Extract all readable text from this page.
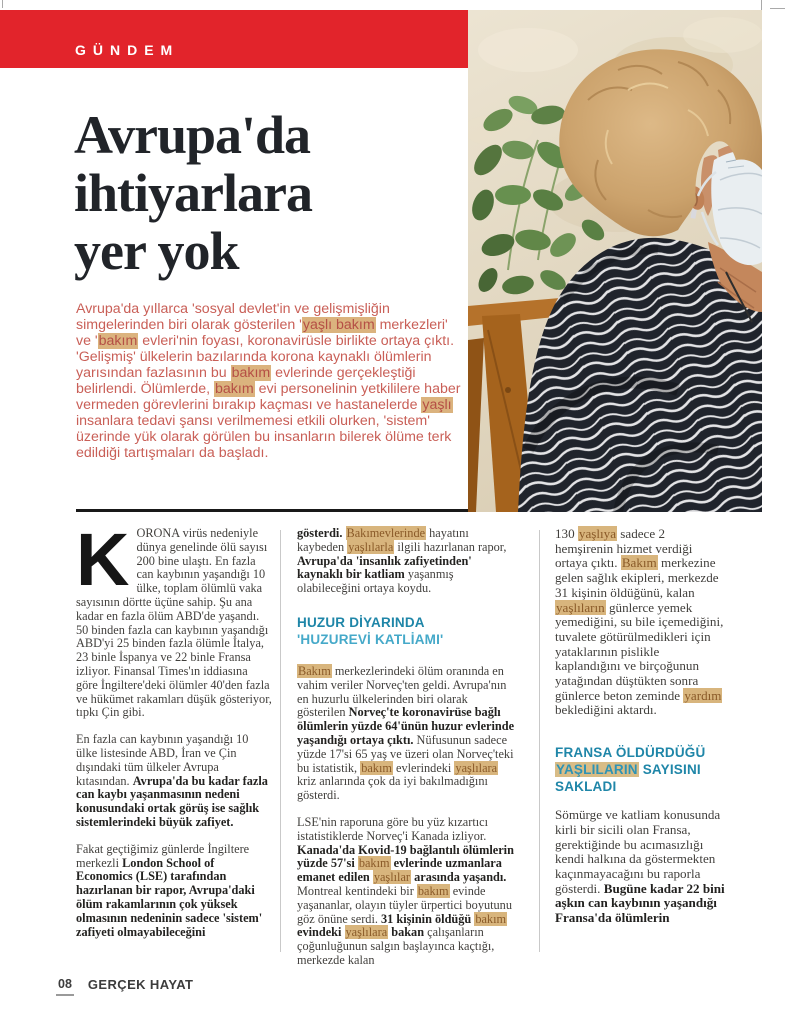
GÜNDEM
Avrupa'da
ihtiyarlara
yer yok
Avrupa'da yıllarca 'sosyal devlet'in ve gelişmişliğin simgelerinden biri olarak gösterilen 'yaşlı bakım merkezleri' ve 'bakım evleri'nin foyası, koronavirüsle birlikte ortaya çıktı. 'Gelişmiş' ülkelerin bazılarında korona kaynaklı ölümlerin yarısından fazlasının bu bakım evlerinde gerçekleştiği belirlendi. Ölümlerde, bakım evi personelinin yetkililere haber vermeden görevlerini bırakıp kaçması ve hastanelerde yaşlı insanlara tedavi şansı verilmemesi etkili olurken, 'sistem' üzerinde yük olarak görülen bu insanların bilerek ölüme terk edildiği tartışmaları da başladı.

KORONA virüs nedeniyle dünya genelinde ölü sayısı 200 bine ulaştı. En fazla can kaybının yaşandığı 10 ülke, toplam ölümlü vaka sayısının dörtte üçüne sahip. Şu ana kadar en fazla ölüm ABD'de yaşandı. 50 binden fazla can kaybının yaşandığı ABD'yi 25 binden fazla ölümle İtalya, 23 binle İspanya ve 22 binle Fransa izliyor. Finansal Times'ın iddiasına göre İngiltere'deki ölümler 40'den fazla ve hükümet rakamları düşük gösteriyor, tıpkı Çin gibi.

En fazla can kaybının yaşandığı 10 ülke listesinde ABD, İran ve Çin dışındaki tüm ülkeler Avrupa kıtasından. Avrupa'da bu kadar fazla can kaybı yaşanmasının nedeni konusundaki ortak görüş ise sağlık sistemlerindeki büyük zafiyet.

Fakat geçtiğimiz günlerde İngiltere merkezli London School of Economics (LSE) tarafından hazırlanan bir rapor, Avrupa'daki ölüm rakamlarının çok yüksek olmasının nedeninin sadece 'sistem' zafiyeti olmayabileceğini

gösterdi. Bakımevlerinde hayatını kaybeden yaşlılarla ilgili hazırlanan rapor, Avrupa'da 'insanlık zafiyetinden' kaynaklı bir katliam yaşanmış olabileceğini ortaya koydu.

HUZUR DİYARINDA
'HUZUREVİ KATLİAMI'

Bakım merkezlerindeki ölüm oranında en vahim veriler Norveç'ten geldi. Avrupa'nın en huzurlu ülkelerinden biri olarak gösterilen Norveç'te koronavirüse bağlı ölümlerin yüzde 64'ünün huzur evlerinde yaşandığı ortaya çıktı. Nüfusunun sadece yüzde 17'si 65 yaş ve üzeri olan Norveç'teki bu istatistik, bakım evlerindeki yaşlılara kriz anlarında çok da iyi bakılmadığını gösterdi.

LSE'nin raporuna göre bu yüz kızartıcı istatistiklerde Norveç'i Kanada izliyor. Kanada'da Kovid-19 bağlantılı ölümlerin yüzde 57'si bakım evlerinde uzmanlara emanet edilen yaşlılar arasında yaşandı. Montreal kentindeki bir bakım evinde yaşananlar, olayın tüyler ürpertici boyutunu göz önüne serdi. 31 kişinin öldüğü bakım evindeki yaşlılara bakan çalışanların çoğunluğunun salgın başlayınca kaçtığı, merkezde kalan

130 yaşlıya sadece 2 hemşirenin hizmet verdiği ortaya çıktı. Bakım merkezine gelen sağlık ekipleri, merkezde 31 kişinin öldüğünü, kalan yaşlıların günlerce yemek yemediğini, su bile içemediğini, tuvalete götürülmedikleri için yataklarının pislikle kaplandığını ve birçoğunun yatağından düştükten sonra günlerce beton zeminde yardım beklediğini aktardı.

FRANSA ÖLDÜRDÜĞÜ
YAŞLILARIN SAYISINI
SAKLADI

Sömürge ve katliam konusunda kirli bir sicili olan Fransa, gerektiğinde bu acımasızlığı kendi halkına da göstermekten kaçınmayacağını bu raporla gösterdi. Bugüne kadar 22 bini aşkın can kaybının yaşandığı Fransa'da ölümlerin

08 GERÇEK HAYAT
